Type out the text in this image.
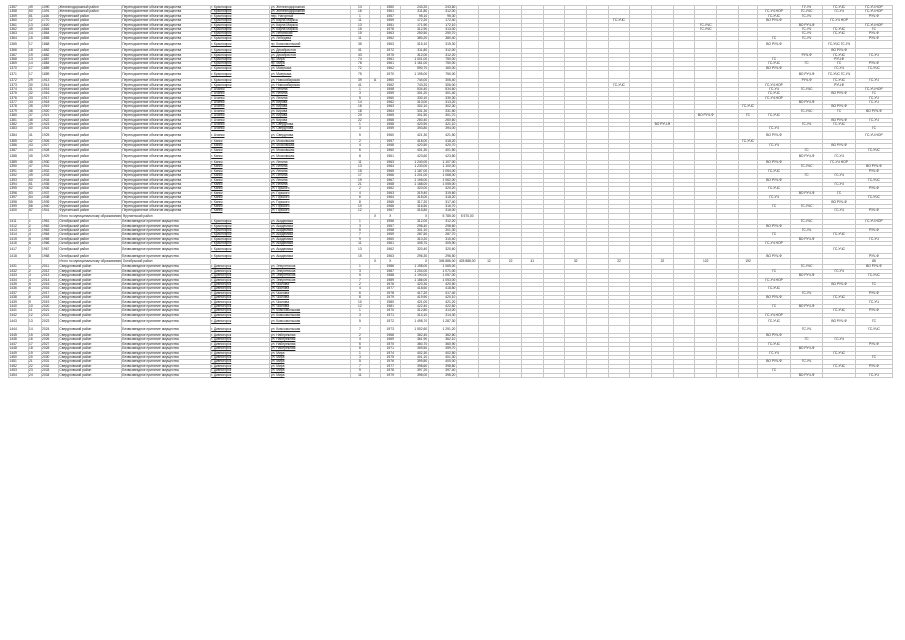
1357	49	1090	Железнодорожный район	Переподчинение объектов имущества	г. Красноярск	ул. Железнодорожная	14		1960	243,20	243,60																ГУ-УЧ	ГС-УЧС	ГС-УЧ НОР
1358	50	1091	Железнодорожный район	Переподчинение объектов имущества	г. Красноярск	ул. Железнодорожная	16		1961	311,80	312,00															ГС-УЧ НОР	ГС-УЧС	ГС-УЧ	ГС-УЧ НОР
1359	51	1166	Фрунзенский район	Переподчинение объектов имущества	г. Красноярск	пер. Нагорный	1		1957	95,10	95,30															ГС-УЧС	ГС-УЧ		РУЧ-Ф
1360	12	1770	Фрунзенский район	Переподчинение объектов имущества	г. Красноярск	ул. Карла Маркса	11		1959	172,20	172,40								ГС-УЧС							ВО РУЧ-Ф		ГС-УЧ НОР	
1361	13	1620	Фрунзенский район	Переподчинение объектов имущества	г. Красноярск	ул. Карла Маркса	13		1951	171,90	172,10												ГС-УЧС				ВО РУЧ-Ф		ГС-УЧ НОР
1362	45	1864	Фрунзенский район	Переподчинение объектов имущества	г. Красноярск	ул. Карла Маркса	15		1978	312,90	313,00												ГС-УЧС				ГС-УЧ	ГС-УЧС	ГС
1363	14	1864	Фрунзенский район	Переподчинение объектов имущества	г. Красноярск	ул. Ленинская	15		1963	250,50	250,70																ГС-УЧ	ГС-УЧС	РУЧ-Ф
1364	15	1865	Фрунзенский район	Переподчинение объектов имущества	г. Красноярск	ул. Лебедева	11		1962	380,20	380,40															ГС	ГС-УЧ		РУЧ-Ф
1365	17	1868	Фрунзенский район	Переподчинение объектов имущества	г. Красноярск	пр. Комсомольский	35		1963	315,10	315,30															ВО РУЧ-Ф		ГС-УЧС ГС-УЧ	
1366	18	1882	Фрунзенский район	Переподчинение объектов имущества	г. Красноярск	ул. Декабристов	41		1972	311,80	312,00																	ВО РУЧ-Ф	
1367	19	1882	Фрунзенский район	Переподчинение объектов имущества	г. Красноярск	ул. Декабристов	43		1975	312,00	312,20																РУЧ-Ф	ГС-УЧС	ГС-УЧ
1368	13	1887	Фрунзенский район	Переподчинение объектов имущества	г. Красноярск	пр. Мира	74		1961	1 001,00	750,00															ГС		РУЧ-Ф	
1369	14	1884	Фрунзенский район	Переподчинение объектов имущества	г. Красноярск	пр. Мира	78		1961	1 161,00	750,00															ГС-УЧС	ГС	ГС	РУЧ-Ф
1370	17	1889	Фрунзенский район	Переподчинение объектов имущества	г. Красноярск	ул. Маерчака	72		1962	590,70	160,00															ВО РУЧ-Ф		ГС-УЧ	ГС-УЧС
1371	17	1889	Фрунзенский район	Переподчинение объектов имущества	г. Красноярск	ул. Маерчака	75		1970	1 195,00	750,00																ВО РУЧ-Ф	ГС-УЧС ГС-УЧ	
1372	29	1913	Фрунзенский район	Переподчинение объектов имущества	г. Красноярск	ул. Новосибирская	39	А	1960	744,00	306,40																РУЧ-Ф	ГС-УЧС	ГС-УЧ
1373	30	1914	Фрунзенский район	Переподчинение объектов имущества	г. Красноярск	ул. Новосибирская	41		1962	743,20	306,00								ГС-УЧС							ГС-УЧ НОР		РУЧ-Ф	
1374	31	1915	Фрунзенский район	Переподчинение объектов имущества	г. Ачинск	ул. Ленина	1		1958	534,40	534,60															ГС-УЧ	ГС-УЧС		ГС-УЧ НОР
1375	32	1916	Фрунзенский район	Переподчинение объектов имущества	г. Ачинск	ул. Ленина	3		1959	301,20	301,40															ГС-УЧС		ВО РУЧ-Ф	ГС
1376	33	1917	Фрунзенский район	Переподчинение объектов имущества	г. Ачинск	ул. Ленина	5		1960	330,10	330,30															ГС-УЧ НОР			ГС-УЧ
1377	34	1918	Фрунзенский район	Переподчинение объектов имущества	г. Ачинск	ул. Кирова	14		1962	313,00	313,20																ВО РУЧ-Ф		ГС-УЧ
1378	35	1919	Фрунзенский район	Переподчинение объектов имущества	г. Ачинск	ул. Кирова	16		1963	302,10	302,30														ГС-УЧС			ВО РУЧ-Ф	
1379	36	1920	Фрунзенский район	Переподчинение объектов имущества	г. Ачинск	ул. Кирова	18		1964	331,30	331,50																ГС-УЧС	ГС	ВО РУЧ-Ф
1380	37	1921	Фрунзенский район	Переподчинение объектов имущества	г. Ачинск	ул. Кирова	20		1965	301,50	301,70												ВО РУЧ-Ф		ГС	ГС-УЧС			
1381	38	1922	Фрунзенский район	Переподчинение объектов имущества	г. Ачинск	ул. Кирова	22		1966	260,40	260,60																	ВО РУЧ-Ф	ГС-УЧ
1382	39	1923	Фрунзенский район	Переподчинение объектов имущества	г. Ачинск	ул. Свердлова	1		1958	420,90	421,10										ВО РУЧ-Ф						ГС-УЧ	ГС-УЧС	
1383	40	1924	Фрунзенский район	Переподчинение объектов имущества	г. Ачинск	ул. Свердлова	3		1959	393,80	394,00															ГС-УЧ			ГС
1384	41	1925	Фрунзенский район	Переподчинение объектов имущества	г. Ачинск	ул. Свердлова	5		1960	421,30	421,50															ВО РУЧ-Ф			ГС-УЧ НОР
1385	42	1926	Фрунзенский район	Переподчинение объектов имущества	г. Канск	ул. Московская	2		1957	418,00	418,20														ГС-УЧС				
1386	43	1927	Фрунзенский район	Переподчинение объектов имущества	г. Канск	ул. Московская	4		1958	420,50	420,70															ГС-УЧ		ВО РУЧ-Ф	
1387	44	1928	Фрунзенский район	Переподчинение объектов имущества	г. Канск	ул. Московская	6		1960	401,30	401,50																ГС		ГС-УЧС
1388	45	1929	Фрунзенский район	Переподчинение объектов имущества	г. Канск	ул. Московская	8		1961	423,60	423,80																ВО РУЧ-Ф	ГС-УЧ	
1389	46	1930	Фрунзенский район	Переподчинение объектов имущества	г. Канск	ул. Ленина	11		1963	1 240,00	1 107,00															ВО РУЧ-Ф		ГС-УЧ НОР	
1390	47	1931	Фрунзенский район	Переподчинение объектов имущества	г. Канск	ул. Ленина	13		1964	1 233,00	1 100,00																ГС-УЧС		ВО РУЧ-Ф
1391	48	1932	Фрунзенский район	Переподчинение объектов имущества	г. Канск	ул. Ленина	15		1965	1 187,00	1 054,00															ГС-УЧС			РУЧ-Ф
1392	49	1933	Фрунзенский район	Переподчинение объектов имущества	г. Канск	ул. Ленина	17		1966	1 201,00	1 068,00																ГС	ГС-УЧ	
1393	50	1934	Фрунзенский район	Переподчинение объектов имущества	г. Канск	ул. Ленина	19		1967	1 195,00	1 062,00															ВО РУЧ-Ф			ГС-УЧС
1394	51	1935	Фрунзенский район	Переподчинение объектов имущества	г. Канск	ул. Ленина	21		1968	1 188,00	1 055,00																	ГС-УЧ	
1395	52	1936	Фрунзенский район	Переподчинение объектов имущества	г. Канск	ул. Горького	2		1962	320,00	320,20															ГС-УЧС			РУЧ-Ф
1396	53	1937	Фрунзенский район	Переподчинение объектов имущества	г. Канск	ул. Горького	4		1963	319,40	319,60																ВО РУЧ-Ф	ГС	
1397	54	1938	Фрунзенский район	Переподчинение объектов имущества	г. Канск	ул. Горького	6		1964	318,00	318,20															ГС-УЧ			ГС-УЧС
1398	55	1939	Фрунзенский район	Переподчинение объектов имущества	г. Канск	ул. Горького	8		1965	317,20	317,40																	ВО РУЧ-Ф	
1399	56	1940	Фрунзенский район	Переподчинение объектов имущества	г. Канск	ул. Горького	10		1966	316,50	316,70															ГС	ГС-УЧС		
1400	57	1941	Фрунзенский район	Переподчинение объектов имущества	г. Канск	ул. Горького	12		1967	315,80	316,00																	ГС-УЧ	РУЧ-Ф
			Итого по муниципальному образованию: Фрунзенский район					X	X	X	5 785,00	5 570,00																	
1411	1	1961	Октябрьский район	Безвозмездное принятие имущества	г. Красноярск	ул. Академика	1		1956	312,00	312,20																ГС-УЧС		ГС-УЧ НОР
1412	2	1962	Октябрьский район	Безвозмездное принятие имущества	г. Красноярск	ул. Академика	3		1957	298,40	298,60															ВО РУЧ-Ф			
1413	3	1963	Октябрьский район	Безвозмездное принятие имущества	г. Красноярск	ул. Академика	5		1958	301,10	301,30																ГС-УЧ		РУЧ-Ф
1414	4	1964	Октябрьский район	Безвозмездное принятие имущества	г. Красноярск	ул. Академика	7		1959	287,50	287,70															ГС		ГС-УЧС	
1415	5	1965	Октябрьский район	Безвозмездное принятие имущества	г. Красноярск	ул. Академика	9		1960	310,20	310,40																ВО РУЧ-Ф		ГС-УЧ
1416	6	1966	Октябрьский район	Безвозмездное принятие имущества	г. Красноярск	ул. Академика	11		1961	305,70	305,90															ГС-УЧ НОР			
1417	7	1967	Октябрьский район	Безвозмездное принятие имущества	г. Красноярск	ул. Академика	13		1962	320,40	320,60																	ГС-УЧС	
1418	8	1968	Октябрьский район	Безвозмездное принятие имущества	г. Красноярск	ул. Академика	15		1963	296,30	296,50															ВО РУЧ-Ф			РУЧ-Ф
			Итого по муниципальному образованию: Октябрьский район					X	X	X	345 886,00	405 888,00	12	22	41		32		22		22		122		192				85
1431	1	2011	Свердловский район	Безвозмездное принятие имущества	г. Дивногорск	ул. Энергетиков	1		1986	1 198,00	1 065,00																ГС-УЧС		ВО РУЧ-Ф
1432	2	2012	Свердловский район	Безвозмездное принятие имущества	г. Дивногорск	ул. Энергетиков	3		1987	1 204,00	1 071,00															ГС		ГС-УЧ	
1433	3	2013	Свердловский район	Безвозмездное принятие имущества	г. Дивногорск	ул. Энергетиков	5		1988	1 190,00	1 057,00																ВО РУЧ-Ф		ГС-УЧС
1434	4	2014	Свердловский район	Безвозмездное принятие имущества	г. Дивногорск	ул. Энергетиков	7		1989	1 186,00	1 053,00															ГС-УЧ НОР			
1435	5	2015	Свердловский район	Безвозмездное принятие имущества	г. Дивногорск	ул. Чкалова	2		1976	420,30	420,50																	ВО РУЧ-Ф	ГС
1436	6	2016	Свердловский район	Безвозмездное принятие имущества	г. Дивногорск	ул. Чкалова	4		1977	418,60	418,80															ГС-УЧС			
1437	7	2017	Свердловский район	Безвозмездное принятие имущества	г. Дивногорск	ул. Чкалова	6		1978	417,20	417,40																ГС-УЧ		РУЧ-Ф
1438	8	2018	Свердловский район	Безвозмездное принятие имущества	г. Дивногорск	ул. Чкалова	8		1979	419,90	420,10															ВО РУЧ-Ф		ГС-УЧС	
1439	9	2019	Свердловский район	Безвозмездное принятие имущества	г. Дивногорск	ул. Чкалова	10		1980	421,00	421,20																		ГС-УЧ
1440	10	2020	Свердловский район	Безвозмездное принятие имущества	г. Дивногорск	ул. Чкалова	12		1981	422,40	422,60															ГС	ВО РУЧ-Ф		
1441	11	2021	Свердловский район	Безвозмездное принятие имущества	г. Дивногорск	ул. Комсомольская	1		1970	312,80	313,00																	ГС-УЧС	РУЧ-Ф
1442	12	2022	Свердловский район	Безвозмездное принятие имущества	г. Дивногорск	ул. Комсомольская	3		1971	314,10	314,30															ГС-УЧ НОР			
1443	13	2023	Свердловский район	Безвозмездное принятие имущества	г. Дивногорск	ул. Комсомольская	5		1972	1 498,70	1 287,30															ГС-УЧС		ВО РУЧ-Ф	ГС
1444	14	2024	Свердловский район	Безвозмездное принятие имущества	г. Дивногорск	ул. Комсомольская	7		1973	1 502,60	1 291,20																ГС-УЧ		ГС-УЧС
1445	15	2025	Свердловский район	Безвозмездное принятие имущества	г. Дивногорск	ул. Набережная	2		1968	362,40	362,60															ВО РУЧ-Ф			
1446	16	2026	Свердловский район	Безвозмездное принятие имущества	г. Дивногорск	ул. Набережная	4		1969	361,90	362,10																ГС	ГС-УЧ	
1447	17	2027	Свердловский район	Безвозмездное принятие имущества	г. Дивногорск	ул. Набережная	6		1970	360,70	360,90															ГС-УЧС			РУЧ-Ф
1448	18	2028	Свердловский район	Безвозмездное принятие имущества	г. Дивногорск	ул. Набережная	8		1971	359,50	359,70																ВО РУЧ-Ф		
1449	19	2029	Свердловский район	Безвозмездное принятие имущества	г. Дивногорск	ул. Мира	1		1974	402,30	402,50															ГС-УЧ		ГС-УЧС	
1450	20	2030	Свердловский район	Безвозмездное принятие имущества	г. Дивногорск	ул. Мира	3		1975	401,10	401,30																		ГС
1451	21	2031	Свердловский район	Безвозмездное принятие имущества	г. Дивногорск	ул. Мира	5		1976	399,80	400,00															ВО РУЧ-Ф	ГС-УЧ		
1452	22	2032	Свердловский район	Безвозмездное принятие имущества	г. Дивногорск	ул. Мира	7		1977	398,60	398,80																	ГС-УЧС	РУЧ-Ф
1453	23	2033	Свердловский район	Безвозмездное принятие имущества	г. Дивногорск	ул. Мира	9		1978	397,20	397,40															ГС			
1454	24	2034	Свердловский район	Безвозмездное принятие имущества	г. Дивногорск	ул. Мира	11		1979	396,00	396,20																ВО РУЧ-Ф		ГС-УЧ
